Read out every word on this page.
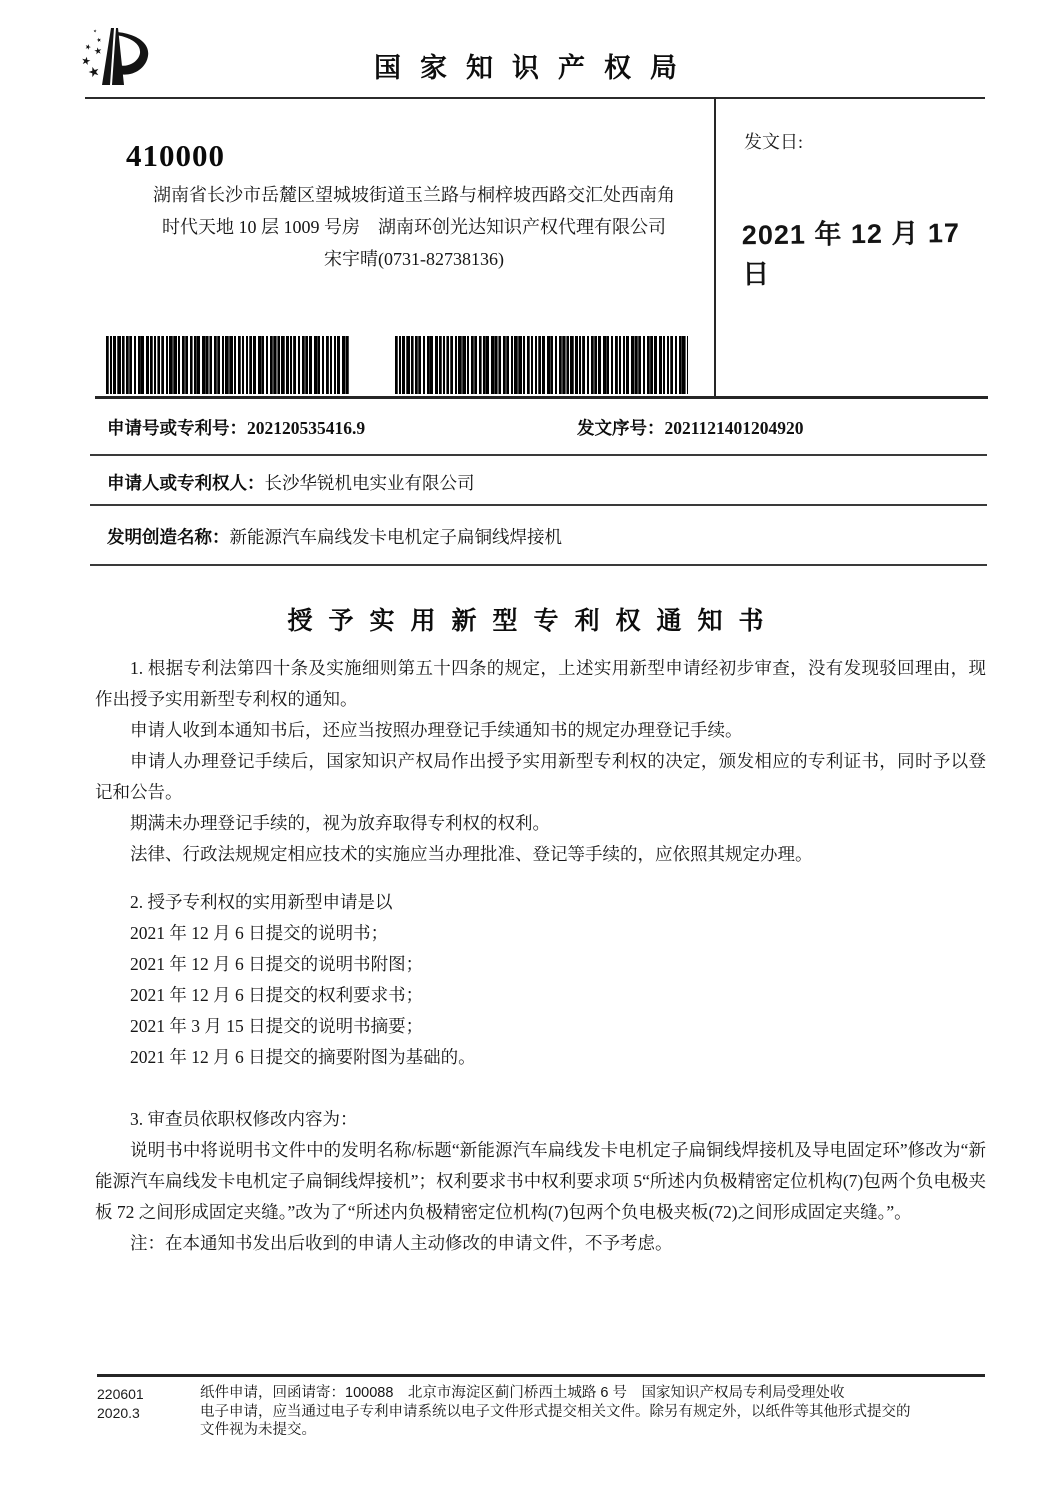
国家知识产权局
410000
湖南省长沙市岳麓区望城坡街道玉兰路与桐梓坡西路交汇处西南角
时代天地 10 层 1009 号房　湖南环创光达知识产权代理有限公司
宋宇晴(0731-82738136)
发文日:
2021 年 12 月 17 日
申请号或专利号：202120535416.9	发文序号：2021121401204920
申请人或专利权人：长沙华锐机电实业有限公司
发明创造名称：新能源汽车扁线发卡电机定子扁铜线焊接机
授予实用新型专利权通知书

1. 根据专利法第四十条及实施细则第五十四条的规定，上述实用新型申请经初步审查，没有发现驳回理由，现作出授予实用新型专利权的通知。

申请人收到本通知书后，还应当按照办理登记手续通知书的规定办理登记手续。

申请人办理登记手续后，国家知识产权局作出授予实用新型专利权的决定，颁发相应的专利证书，同时予以登记和公告。

期满未办理登记手续的，视为放弃取得专利权的权利。

法律、行政法规规定相应技术的实施应当办理批准、登记等手续的，应依照其规定办理。

2. 授予专利权的实用新型申请是以

2021 年 12 月 6 日提交的说明书；

2021 年 12 月 6 日提交的说明书附图；

2021 年 12 月 6 日提交的权利要求书；

2021 年 3 月 15 日提交的说明书摘要；

2021 年 12 月 6 日提交的摘要附图为基础的。

3. 审查员依职权修改内容为：

说明书中将说明书文件中的发明名称/标题“新能源汽车扁线发卡电机定子扁铜线焊接机及导电固定环”修改为“新能源汽车扁线发卡电机定子扁铜线焊接机”；权利要求书中权利要求项 5“所述内负极精密定位机构(7)包两个负电极夹板 72 之间形成固定夹缝。”改为了“所述内负极精密定位机构(7)包两个负电极夹板(72)之间形成固定夹缝。”。

注：在本通知书发出后收到的申请人主动修改的申请文件，不予考虑。

220601
2020.3
纸件申请，回函请寄：100088　北京市海淀区蓟门桥西土城路 6 号　国家知识产权局专利局受理处收
电子申请，应当通过电子专利申请系统以电子文件形式提交相关文件。除另有规定外，以纸件等其他形式提交的
文件视为未提交。
